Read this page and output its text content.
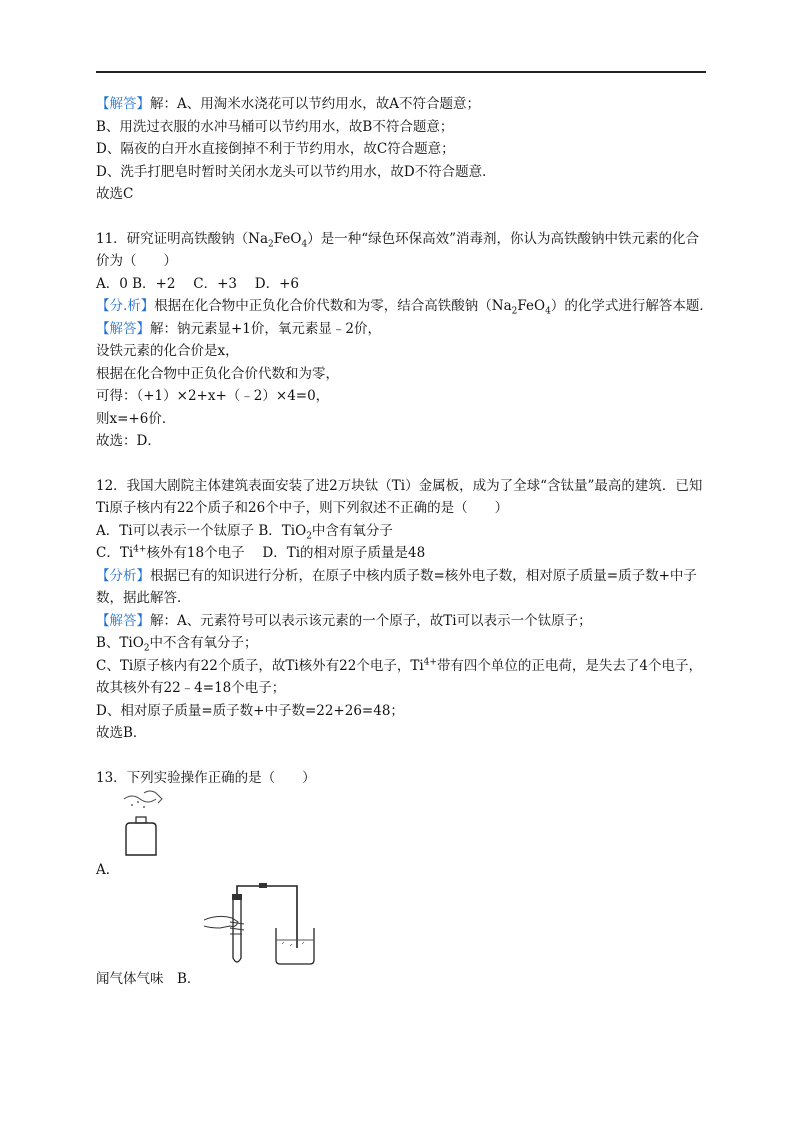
【解答】解：A、用淘米水浇花可以节约用水，故A不符合题意；
B、用洗过衣服的水冲马桶可以节约用水，故B不符合题意；
D、隔夜的白开水直接倒掉不利于节约用水，故C符合题意；
D、洗手打肥皂时暂时关闭水龙头可以节约用水，故D不符合题意．
故选C
11．研究证明高铁酸钠$(Na_2FeO_4)$是一种“绿色环保高效”消毒剂，你认为高铁酸钠中铁元素的化合价为（　　）
A．0 B．+2　 C．+3　 D．+6
【分.析】根据在化合物中正负化合价代数和为零，结合高铁酸钠$(Na_2FeO_4)$的化学式进行解答本题．
【解答】解：钠元素显+1价，氧元素显﹣2价，
设铁元素的化合价是x，
根据在化合物中正负化合价代数和为零，
可得：（+1）×2+x+（﹣2）×4=0，
则x=+6价．
故选：D．
12．我国大剧院主体建筑表面安装了进2万块钛（Ti）金属板，成为了全球“含钛量”最高的建筑．已知Ti原子核内有22个质子和26个中子，则下列叙述不正确的是（　　）
A．Ti可以表示一个钛原子 B．TiO$_2$中含有氧分子
C．$Ti^{4+}$核外有18个电子　 D．Ti的相对原子质量是48
【分析】根据已有的知识进行分析，在原子中核内质子数=核外电子数，相对原子质量=质子数+中子数，据此解答．
【解答】解：A、元素符号可以表示该元素的一个原子，故Ti可以表示一个钛原子；
B、TiO$_2$中不含有氧分子；
C、Ti原子核内有22个质子，故Ti核外有22个电子，$Ti^{4+}$带有四个单位的正电荷，是失去了4个电子，故其核外有22﹣4=18个电子；
D、相对原子质量=质子数+中子数=22+26=48；
故选B．
13．下列实验操作正确的是（　　）
A．
闻气体气味　B．
